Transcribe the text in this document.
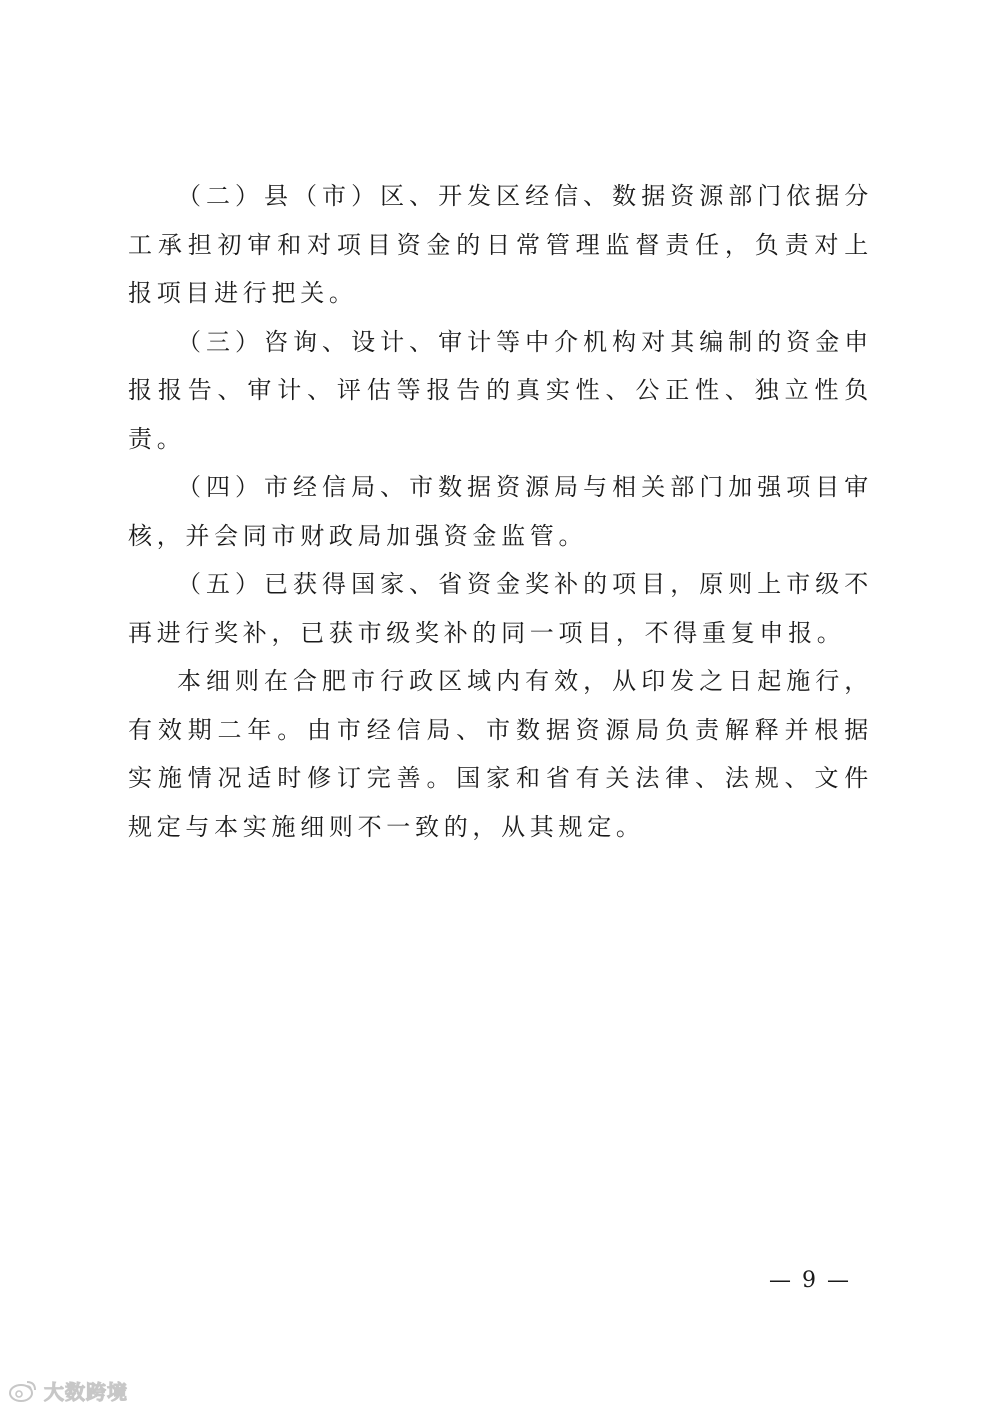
（二）县（市）区、开发区经信、数据资源部门依据分工承担初审和对项目资金的日常管理监督责任，负责对上报项目进行把关。

（三）咨询、设计、审计等中介机构对其编制的资金申报报告、审计、评估等报告的真实性、公正性、独立性负责。

（四）市经信局、市数据资源局与相关部门加强项目审核，并会同市财政局加强资金监管。

（五）已获得国家、省资金奖补的项目，原则上市级不再进行奖补，已获市级奖补的同一项目，不得重复申报。

本细则在合肥市行政区域内有效，从印发之日起施行，有效期二年。由市经信局、市数据资源局负责解释并根据实施情况适时修订完善。国家和省有关法律、法规、文件规定与本实施细则不一致的，从其规定。

— 9 —
大数跨境
